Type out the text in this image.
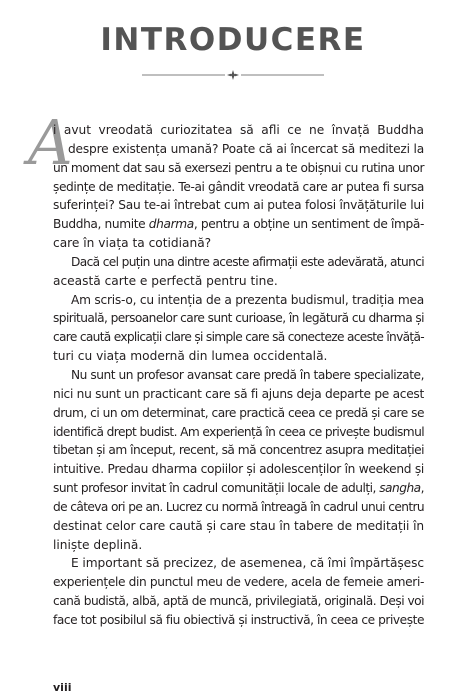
INTRODUCERE
A
i avut vreodată curiozitatea să afli ce ne învață Buddha
despre existența umană? Poate că ai încercat să meditezi la
un moment dat sau să exersezi pentru a te obișnui cu rutina unor
ședințe de meditație. Te-ai gândit vreodată care ar putea fi sursa
suferinței? Sau te-ai întrebat cum ai putea folosi învățăturile lui
Buddha, numite dharma, pentru a obține un sentiment de împă-
care în viața ta cotidiană?
Dacă cel puțin una dintre aceste afirmații este adevărată, atunci
această carte e perfectă pentru tine.
Am scris-o, cu intenția de a prezenta budismul, tradiția mea
spirituală, persoanelor care sunt curioase, în legătură cu dharma și
care caută explicații clare și simple care să conecteze aceste învăță-
turi cu viața modernă din lumea occidentală.
Nu sunt un profesor avansat care predă în tabere specializate,
nici nu sunt un practicant care să fi ajuns deja departe pe acest
drum, ci un om determinat, care practică ceea ce predă și care se
identifică drept budist. Am experiență în ceea ce privește budismul
tibetan și am început, recent, să mă concentrez asupra meditației
intuitive. Predau dharma copiilor și adolescenților în weekend și
sunt profesor invitat în cadrul comunității locale de adulți, sangha,
de câteva ori pe an. Lucrez cu normă întreagă în cadrul unui centru
destinat celor care caută și care stau în tabere de meditații în
liniște deplină.
E important să precizez, de asemenea, că îmi împărtășesc
experiențele din punctul meu de vedere, acela de femeie ameri-
cană budistă, albă, aptă de muncă, privilegiată, originală. Deși voi
face tot posibilul să fiu obiectivă și instructivă, în ceea ce privește
viii
